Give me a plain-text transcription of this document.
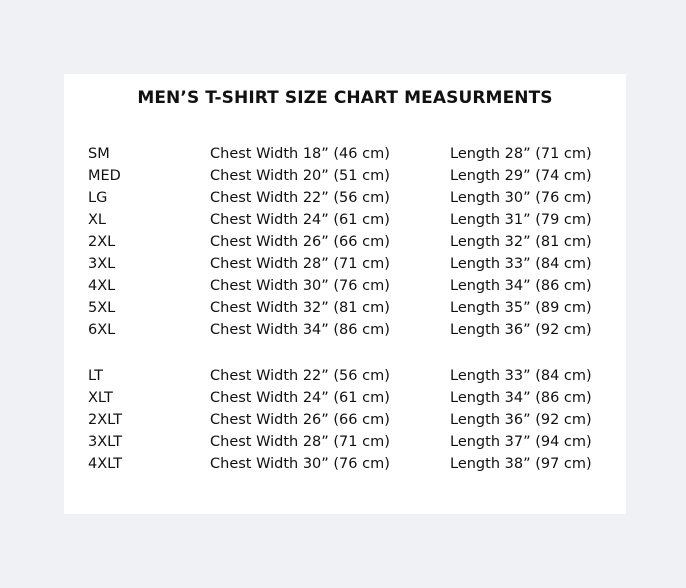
MEN’S T-SHIRT SIZE CHART MEASURMENTS
SM	Chest Width 18” (46 cm)	Length 28” (71 cm)
MED	Chest Width 20” (51 cm)	Length 29” (74 cm)
LG	Chest Width 22” (56 cm)	Length 30” (76 cm)
XL	Chest Width 24” (61 cm)	Length 31” (79 cm)
2XL	Chest Width 26” (66 cm)	Length 32” (81 cm)
3XL	Chest Width 28” (71 cm)	Length 33” (84 cm)
4XL	Chest Width 30” (76 cm)	Length 34” (86 cm)
5XL	Chest Width 32” (81 cm)	Length 35” (89 cm)
6XL	Chest Width 34” (86 cm)	Length 36” (92 cm)
LT	Chest Width 22” (56 cm)	Length 33” (84 cm)
XLT	Chest Width 24” (61 cm)	Length 34” (86 cm)
2XLT	Chest Width 26” (66 cm)	Length 36” (92 cm)
3XLT	Chest Width 28” (71 cm)	Length 37” (94 cm)
4XLT	Chest Width 30” (76 cm)	Length 38” (97 cm)
